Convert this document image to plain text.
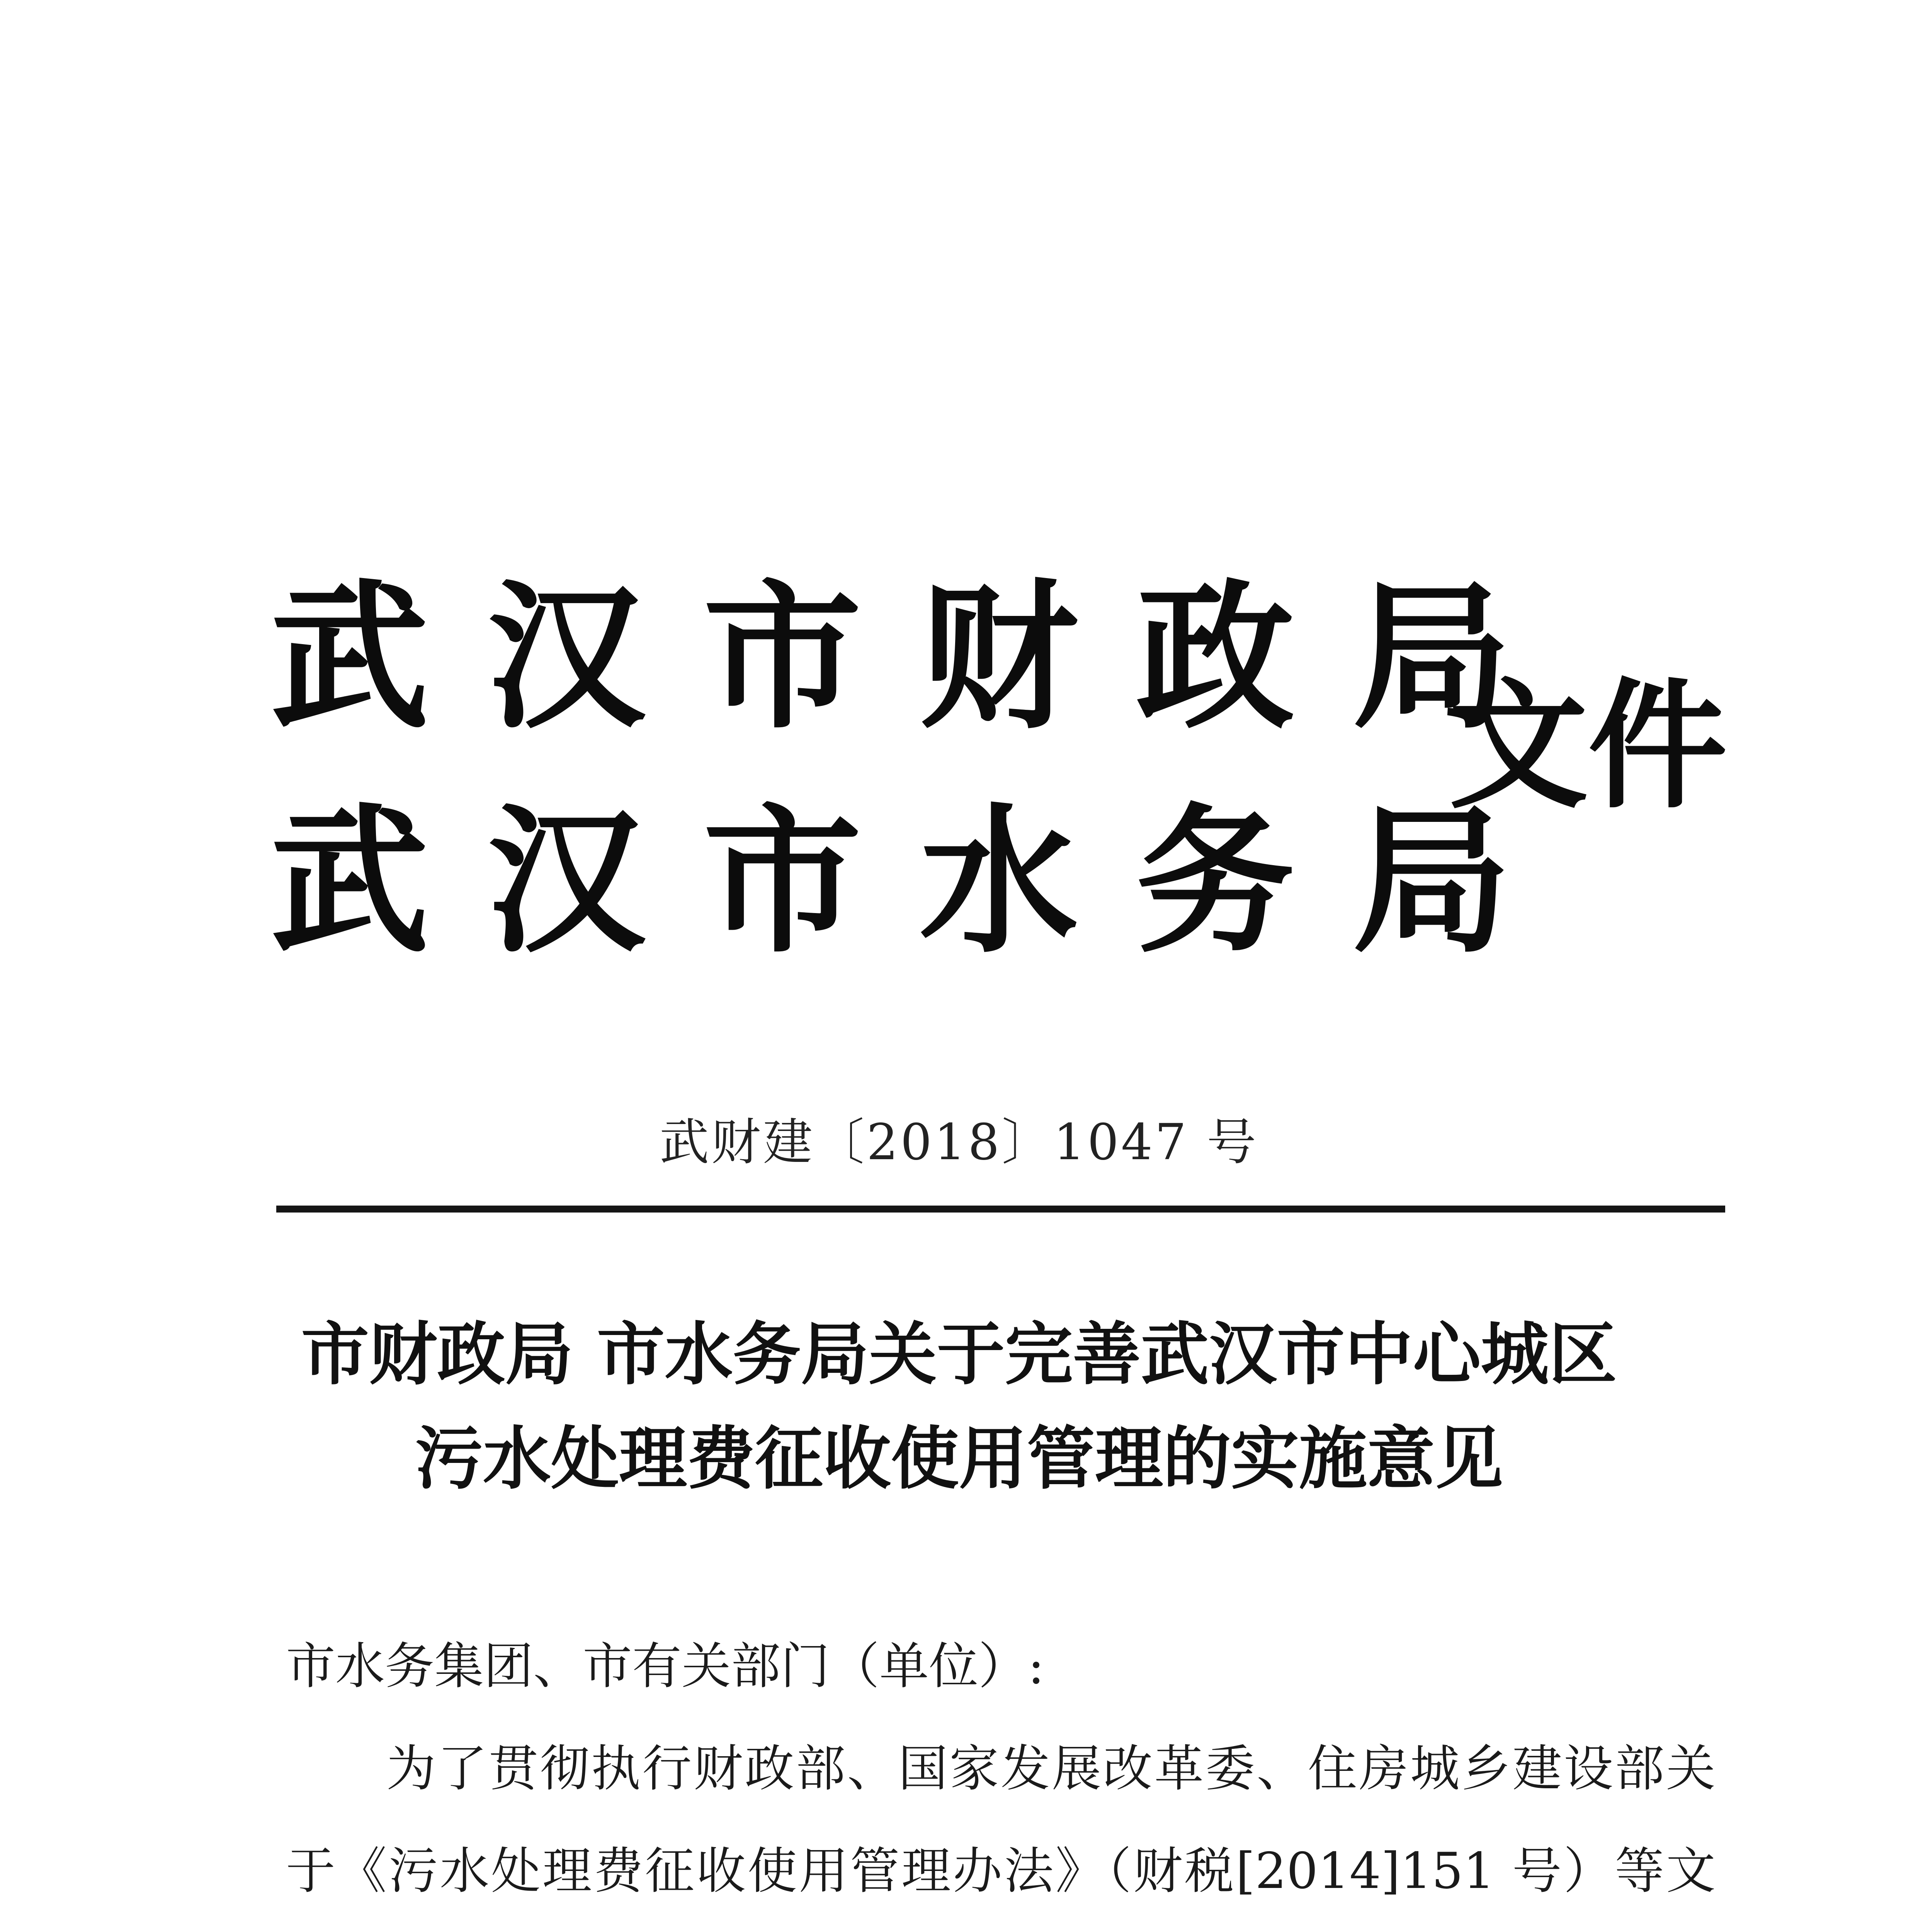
武 汉 市 财 政 局
武 汉 市 水 务 局
文件
武财建〔2018〕1047 号
市财政局 市水务局关于完善武汉市中心城区
污水处理费征收使用管理的实施意见

市水务集团、市有关部门（单位）:

为了贯彻执行财政部、国家发展改革委、住房城乡建设部关于《污水处理费征收使用管理办法》（财税[2014]151 号）等文
